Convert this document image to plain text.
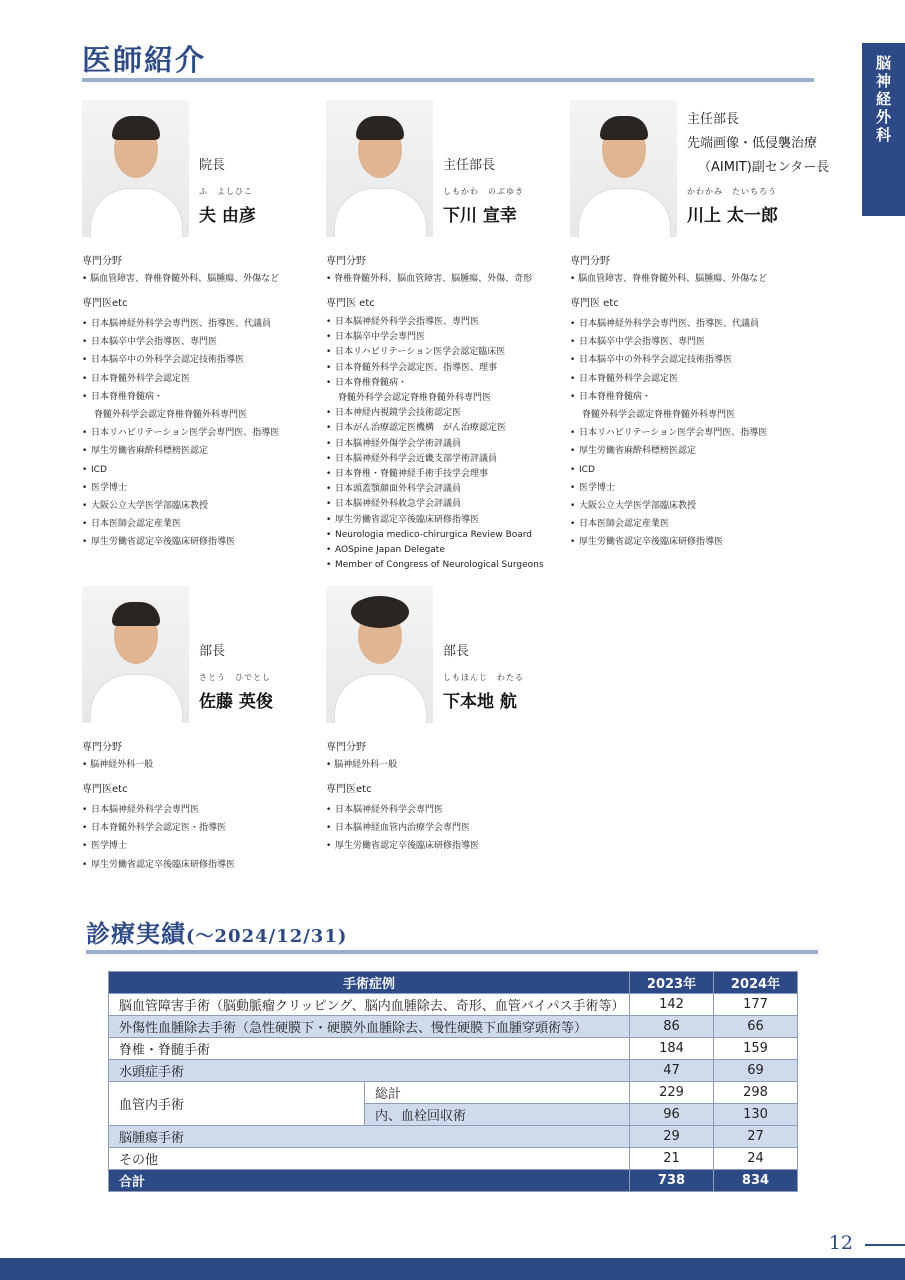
医師紹介	脳神経外科
院長
ふ　よしひこ
夫 由彦

専門分野

• 脳血管障害、脊椎脊髄外科、脳腫瘍、外傷など

専門医etc

• 日本脳神経外科学会専門医、指導医、代議員
• 日本脳卒中学会指導医、専門医
• 日本脳卒中の外科学会認定技術指導医
• 日本脊髄外科学会認定医
• 日本脊椎脊髄病・
脊髄外科学会認定脊椎脊髄外科専門医
• 日本リハビリテーション医学会専門医、指導医
• 厚生労働省麻酔科標榜医認定
• ICD
• 医学博士
• 大阪公立大学医学部臨床教授
• 日本医師会認定産業医
• 厚生労働省認定卒後臨床研修指導医
主任部長
しもかわ　のぶゆき
下川 宣幸

専門分野

• 脊椎脊髄外科、脳血管障害、脳腫瘍、外傷、奇形

専門医 etc

• 日本脳神経外科学会指導医、専門医
• 日本脳卒中学会専門医
• 日本リハビリテーション医学会認定臨床医
• 日本脊髄外科学会認定医、指導医、理事
• 日本脊椎脊髄病・
脊髄外科学会認定脊椎脊髄外科専門医
• 日本神経内視鏡学会技術認定医
• 日本がん治療認定医機構　がん治療認定医
• 日本脳神経外傷学会学術評議員
• 日本脳神経外科学会近畿支部学術評議員
• 日本脊椎・脊髄神経手術手技学会理事
• 日本頭蓋顎顔面外科学会評議員
• 日本脳神経外科救急学会評議員
• 厚生労働省認定卒後臨床研修指導医
• Neurologia medico-chirurgica Review Board
• AOSpine Japan Delegate
• Member of Congress of Neurological Surgeons
主任部長
先端画像・低侵襲治療
（AIMIT)副センター長
かわかみ　たいちろう
川上 太一郎

専門分野

• 脳血管障害、脊椎脊髄外科、脳腫瘍、外傷など

専門医 etc

• 日本脳神経外科学会専門医、指導医、代議員
• 日本脳卒中学会指導医、専門医
• 日本脳卒中の外科学会認定技術指導医
• 日本脊髄外科学会認定医
• 日本脊椎脊髄病・
脊髄外科学会認定脊椎脊髄外科専門医
• 日本リハビリテーション医学会専門医、指導医
• 厚生労働省麻酔科標榜医認定
• ICD
• 医学博士
• 大阪公立大学医学部臨床教授
• 日本医師会認定産業医
• 厚生労働省認定卒後臨床研修指導医
部長
さとう　ひでとし
佐藤 英俊

専門分野

• 脳神経外科一般

専門医etc

• 日本脳神経外科学会専門医
• 日本脊髄外科学会認定医・指導医
• 医学博士
• 厚生労働省認定卒後臨床研修指導医
部長
しもほんじ　わたる
下本地 航

専門分野

• 脳神経外科一般

専門医etc

• 日本脳神経外科学会専門医
• 日本脳神経血管内治療学会専門医
• 厚生労働省認定卒後臨床研修指導医
診療実績(～2024/12/31)
手術症例		2023年	2024年
脳血管障害手術（脳動脈瘤クリッピング、脳内血腫除去、奇形、血管バイパス手術等）		142	177
外傷性血腫除去手術（急性硬膜下・硬膜外血腫除去、慢性硬膜下血腫穿頭術等）		86	66
脊椎・脊髄手術		184	159
水頭症手術		47	69
血管内手術	総計	229	298
	内、血栓回収術	96	130
脳腫瘍手術		29	27
その他		21	24
合計		738	834
12
